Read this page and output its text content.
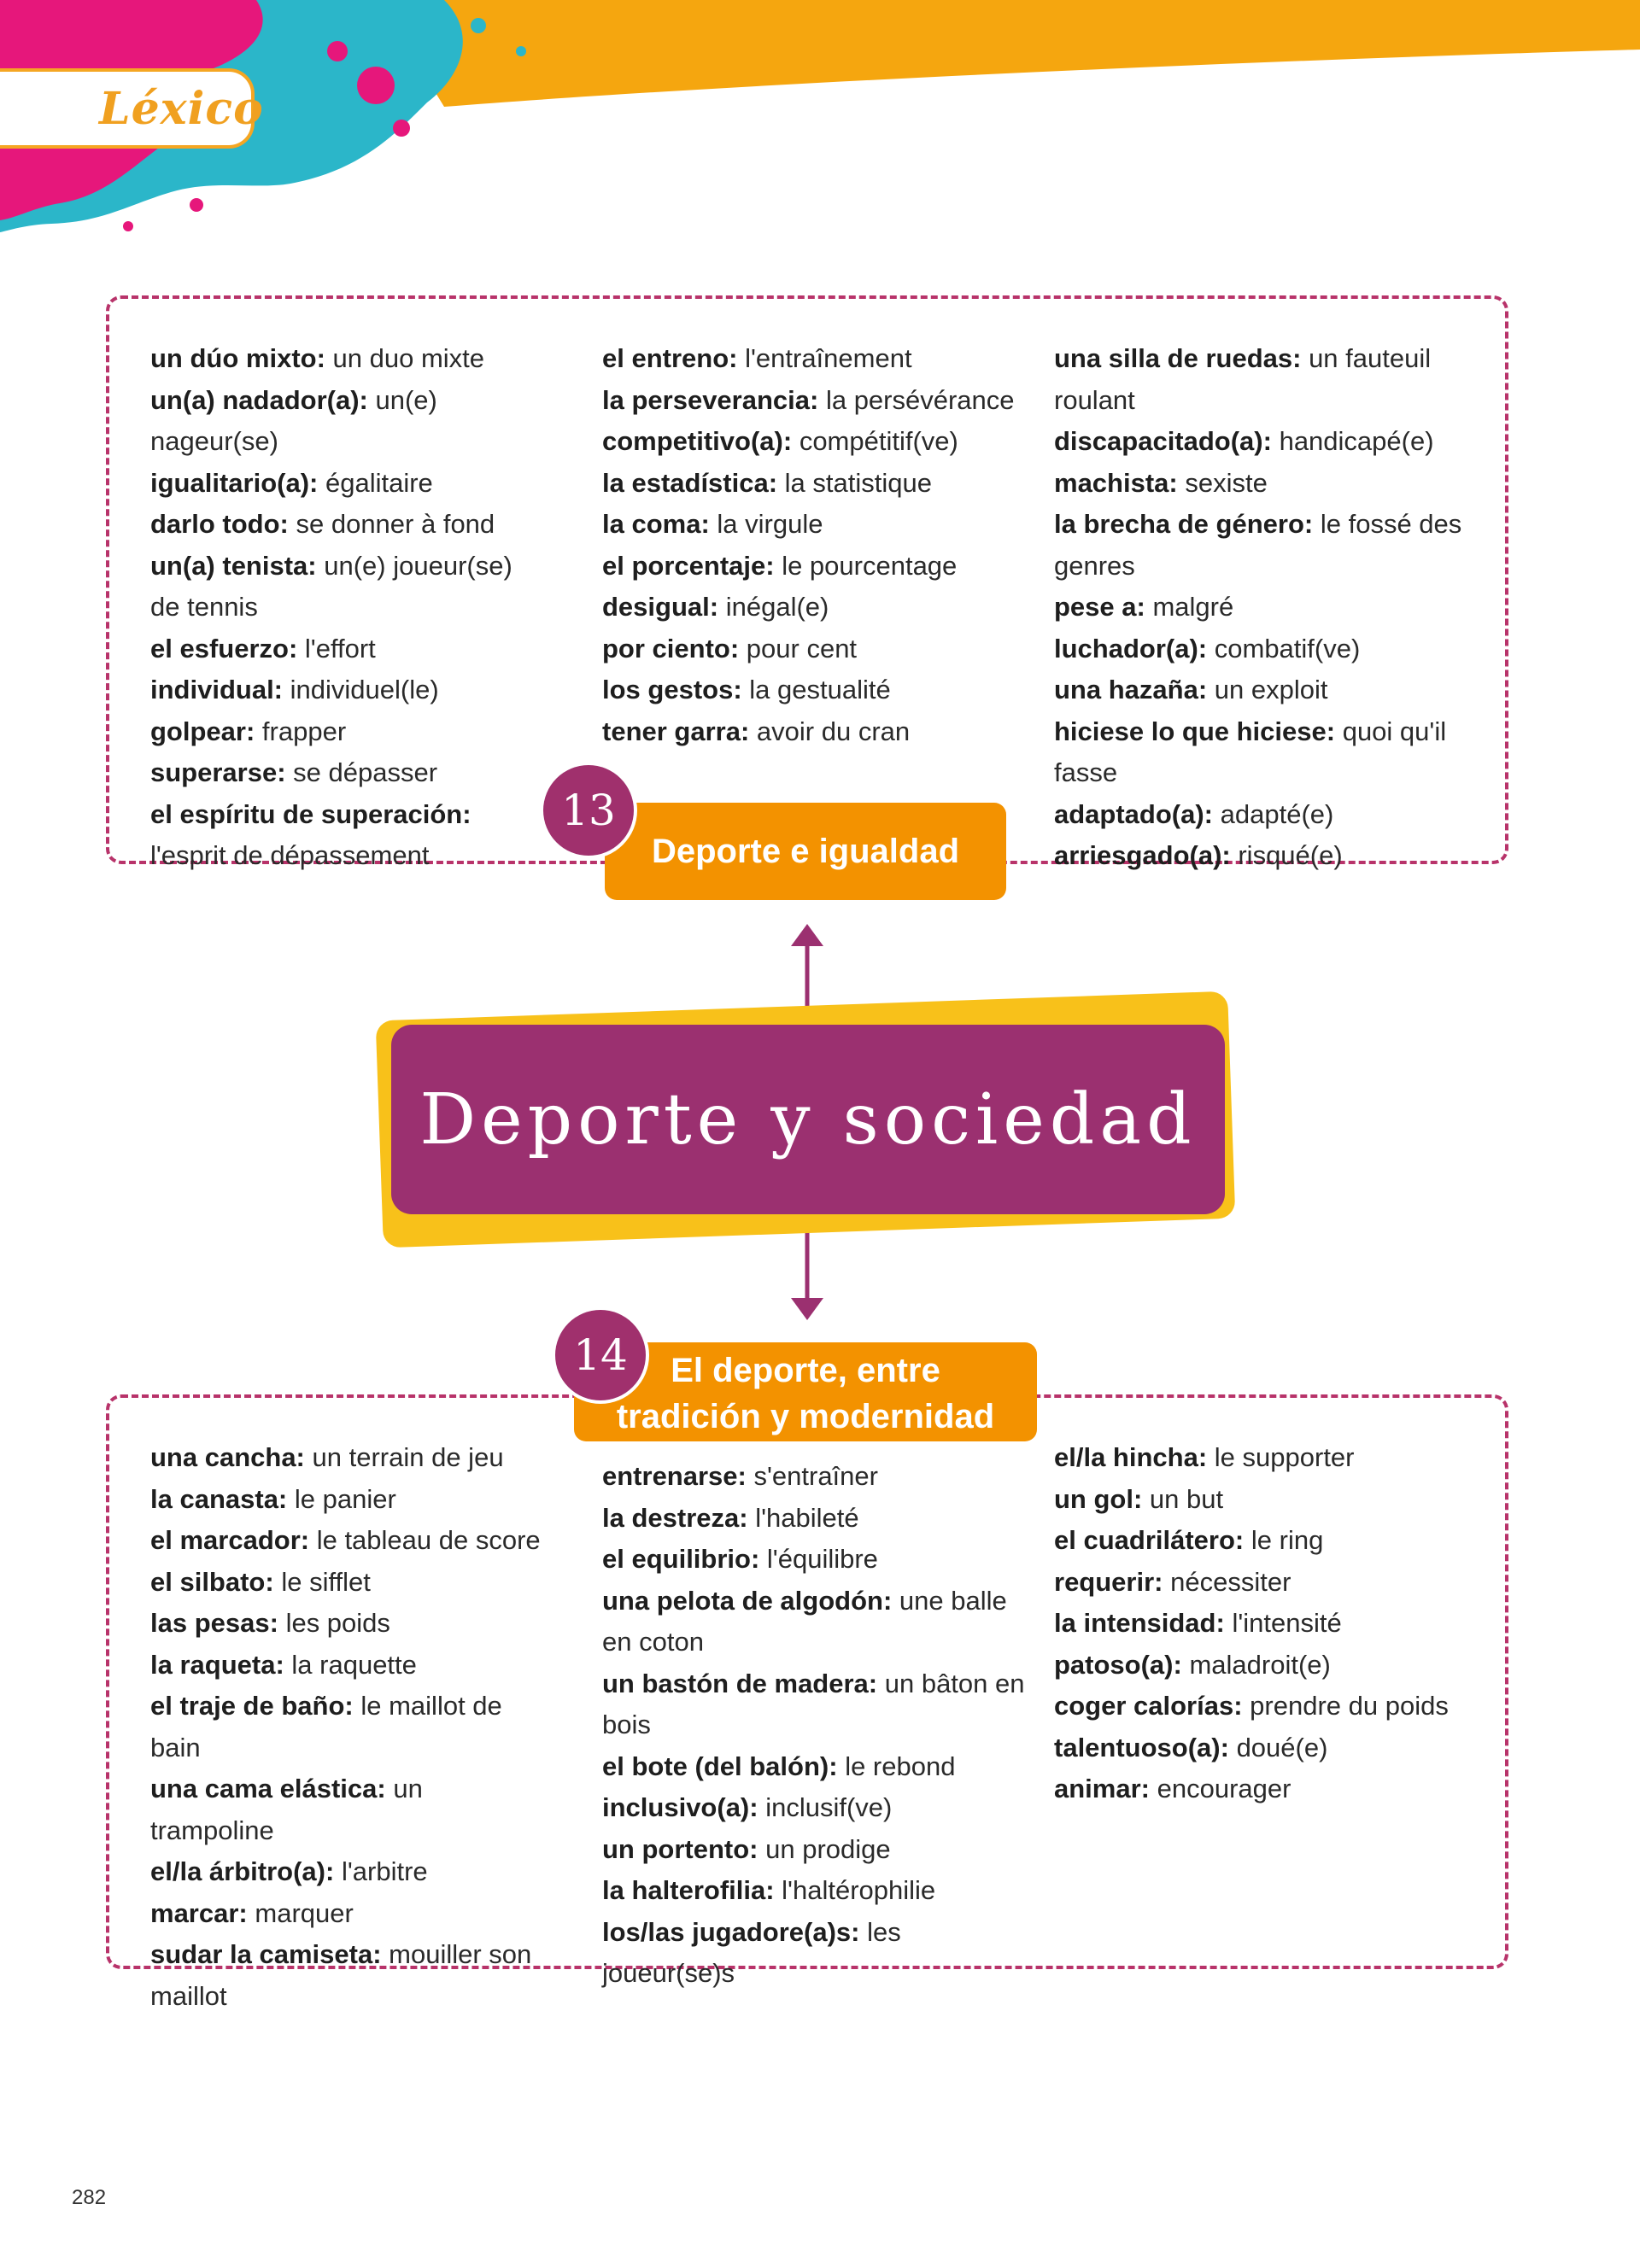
Léxico
un dúo mixto: un duo mixte
un(a) nadador(a): un(e) nageur(se)
igualitario(a): égalitaire
darlo todo: se donner à fond
un(a) tenista: un(e) joueur(se) de tennis
el esfuerzo: l'effort
individual: individuel(le)
golpear: frapper
superarse: se dépasser
el espíritu de superación: l'esprit de dépassement
el entreno: l'entraînement
la perseverancia: la persévérance
competitivo(a): compétitif(ve)
la estadística: la statistique
la coma: la virgule
el porcentaje: le pourcentage
desigual: inégal(e)
por ciento: pour cent
los gestos: la gestualité
tener garra: avoir du cran
una silla de ruedas: un fauteuil roulant
discapacitado(a): handicapé(e)
machista: sexiste
la brecha de género: le fossé des genres
pese a: malgré
luchador(a): combatif(ve)
una hazaña: un exploit
hiciese lo que hiciese: quoi qu'il fasse
adaptado(a): adapté(e)
arriesgado(a): risqué(e)
Deporte e igualdad
13
Deporte y sociedad
una cancha: un terrain de jeu
la canasta: le panier
el marcador: le tableau de score
el silbato: le sifflet
las pesas: les poids
la raqueta: la raquette
el traje de baño: le maillot de bain
una cama elástica: un trampoline
el/la árbitro(a): l'arbitre
marcar: marquer
sudar la camiseta: mouiller son maillot
entrenarse: s'entraîner
la destreza: l'habileté
el equilibrio: l'équilibre
una pelota de algodón: une balle en coton
un bastón de madera: un bâton en bois
el bote (del balón): le rebond
inclusivo(a): inclusif(ve)
un portento: un prodige
la halterofilia: l'haltérophilie
los/las jugadore(a)s: les joueur(se)s
el/la hincha: le supporter
un gol: un but
el cuadrilátero: le ring
requerir: nécessiter
la intensidad: l'intensité
patoso(a): maladroit(e)
coger calorías: prendre du poids
talentuoso(a): doué(e)
animar: encourager
El deporte, entre
tradición y modernidad
14
282
